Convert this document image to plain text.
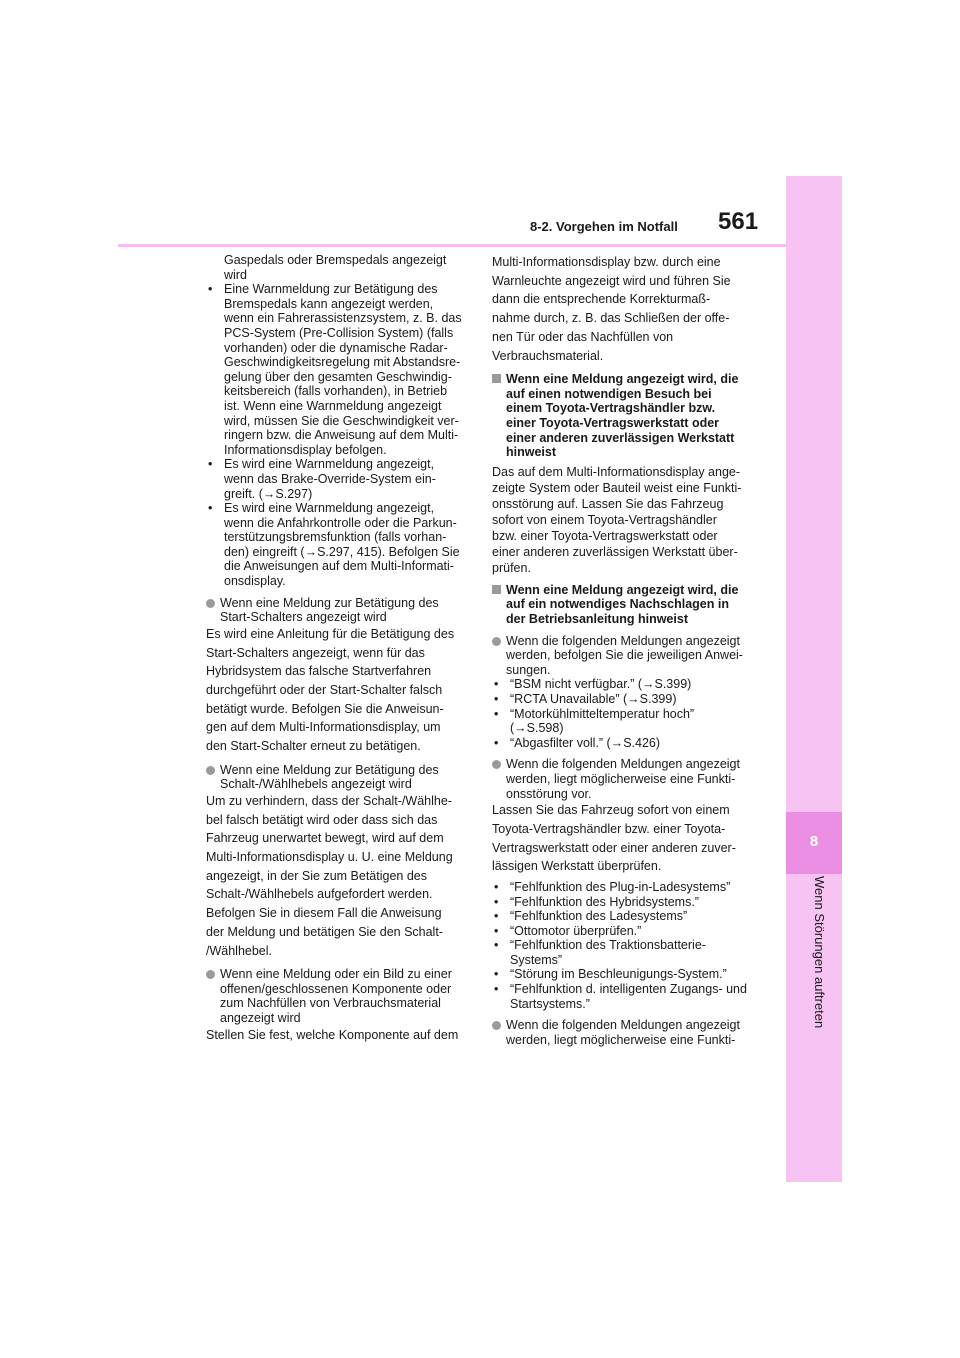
8-2. Vorgehen im Notfall 561
8
Wenn Störungen auftreten
Gaspedals oder Bremspedals angezeigt
wird
• Eine Warnmeldung zur Betätigung des
Bremspedals kann angezeigt werden,
wenn ein Fahrerassistenzsystem, z. B. das
PCS-System (Pre-Collision System) (falls
vorhanden) oder die dynamische Radar-
Geschwindigkeitsregelung mit Abstandsre-
gelung über den gesamten Geschwindig-
keitsbereich (falls vorhanden), in Betrieb
ist. Wenn eine Warnmeldung angezeigt
wird, müssen Sie die Geschwindigkeit ver-
ringern bzw. die Anweisung auf dem Multi-
Informationsdisplay befolgen.
• Es wird eine Warnmeldung angezeigt,
wenn das Brake-Override-System ein-
greift. (→S.297)
• Es wird eine Warnmeldung angezeigt,
wenn die Anfahrkontrolle oder die Parkun-
terstützungsbremsfunktion (falls vorhan-
den) eingreift (→S.297, 415). Befolgen Sie
die Anweisungen auf dem Multi-Informati-
onsdisplay.
Wenn eine Meldung zur Betätigung des
Start-Schalters angezeigt wird
Es wird eine Anleitung für die Betätigung des
Start-Schalters angezeigt, wenn für das
Hybridsystem das falsche Startverfahren
durchgeführt oder der Start-Schalter falsch
betätigt wurde. Befolgen Sie die Anweisun-
gen auf dem Multi-Informationsdisplay, um
den Start-Schalter erneut zu betätigen.
Wenn eine Meldung zur Betätigung des
Schalt-/Wählhebels angezeigt wird
Um zu verhindern, dass der Schalt-/Wählhe-
bel falsch betätigt wird oder dass sich das
Fahrzeug unerwartet bewegt, wird auf dem
Multi-Informationsdisplay u. U. eine Meldung
angezeigt, in der Sie zum Betätigen des
Schalt-/Wählhebels aufgefordert werden.
Befolgen Sie in diesem Fall die Anweisung
der Meldung und betätigen Sie den Schalt-
/Wählhebel.
Wenn eine Meldung oder ein Bild zu einer
offenen/geschlossenen Komponente oder
zum Nachfüllen von Verbrauchsmaterial
angezeigt wird
Stellen Sie fest, welche Komponente auf dem
Multi-Informationsdisplay bzw. durch eine
Warnleuchte angezeigt wird und führen Sie
dann die entsprechende Korrekturmaß-
nahme durch, z. B. das Schließen der offe-
nen Tür oder das Nachfüllen von
Verbrauchsmaterial.
Wenn eine Meldung angezeigt wird, die
auf einen notwendigen Besuch bei
einem Toyota-Vertragshändler bzw.
einer Toyota-Vertragswerkstatt oder
einer anderen zuverlässigen Werkstatt
hinweist
Das auf dem Multi-Informationsdisplay ange-
zeigte System oder Bauteil weist eine Funkti-
onsstörung auf. Lassen Sie das Fahrzeug
sofort von einem Toyota-Vertragshändler
bzw. einer Toyota-Vertragswerkstatt oder
einer anderen zuverlässigen Werkstatt über-
prüfen.
Wenn eine Meldung angezeigt wird, die
auf ein notwendiges Nachschlagen in
der Betriebsanleitung hinweist
Wenn die folgenden Meldungen angezeigt
werden, befolgen Sie die jeweiligen Anwei-
sungen.
• “BSM nicht verfügbar.” (→S.399)
• “RCTA Unavailable” (→S.399)
• “Motorkühlmitteltemperatur hoch”
(→S.598)
• “Abgasfilter voll.” (→S.426)
Wenn die folgenden Meldungen angezeigt
werden, liegt möglicherweise eine Funkti-
onsstörung vor.
Lassen Sie das Fahrzeug sofort von einem
Toyota-Vertragshändler bzw. einer Toyota-
Vertragswerkstatt oder einer anderen zuver-
lässigen Werkstatt überprüfen.
• “Fehlfunktion des Plug-in-Ladesystems”
• “Fehlfunktion des Hybridsystems.”
• “Fehlfunktion des Ladesystems”
• “Ottomotor überprüfen.”
• “Fehlfunktion des Traktionsbatterie-
Systems”
• “Störung im Beschleunigungs-System.”
• “Fehlfunktion d. intelligenten Zugangs- und
Startsystems.”
Wenn die folgenden Meldungen angezeigt
werden, liegt möglicherweise eine Funkti-
